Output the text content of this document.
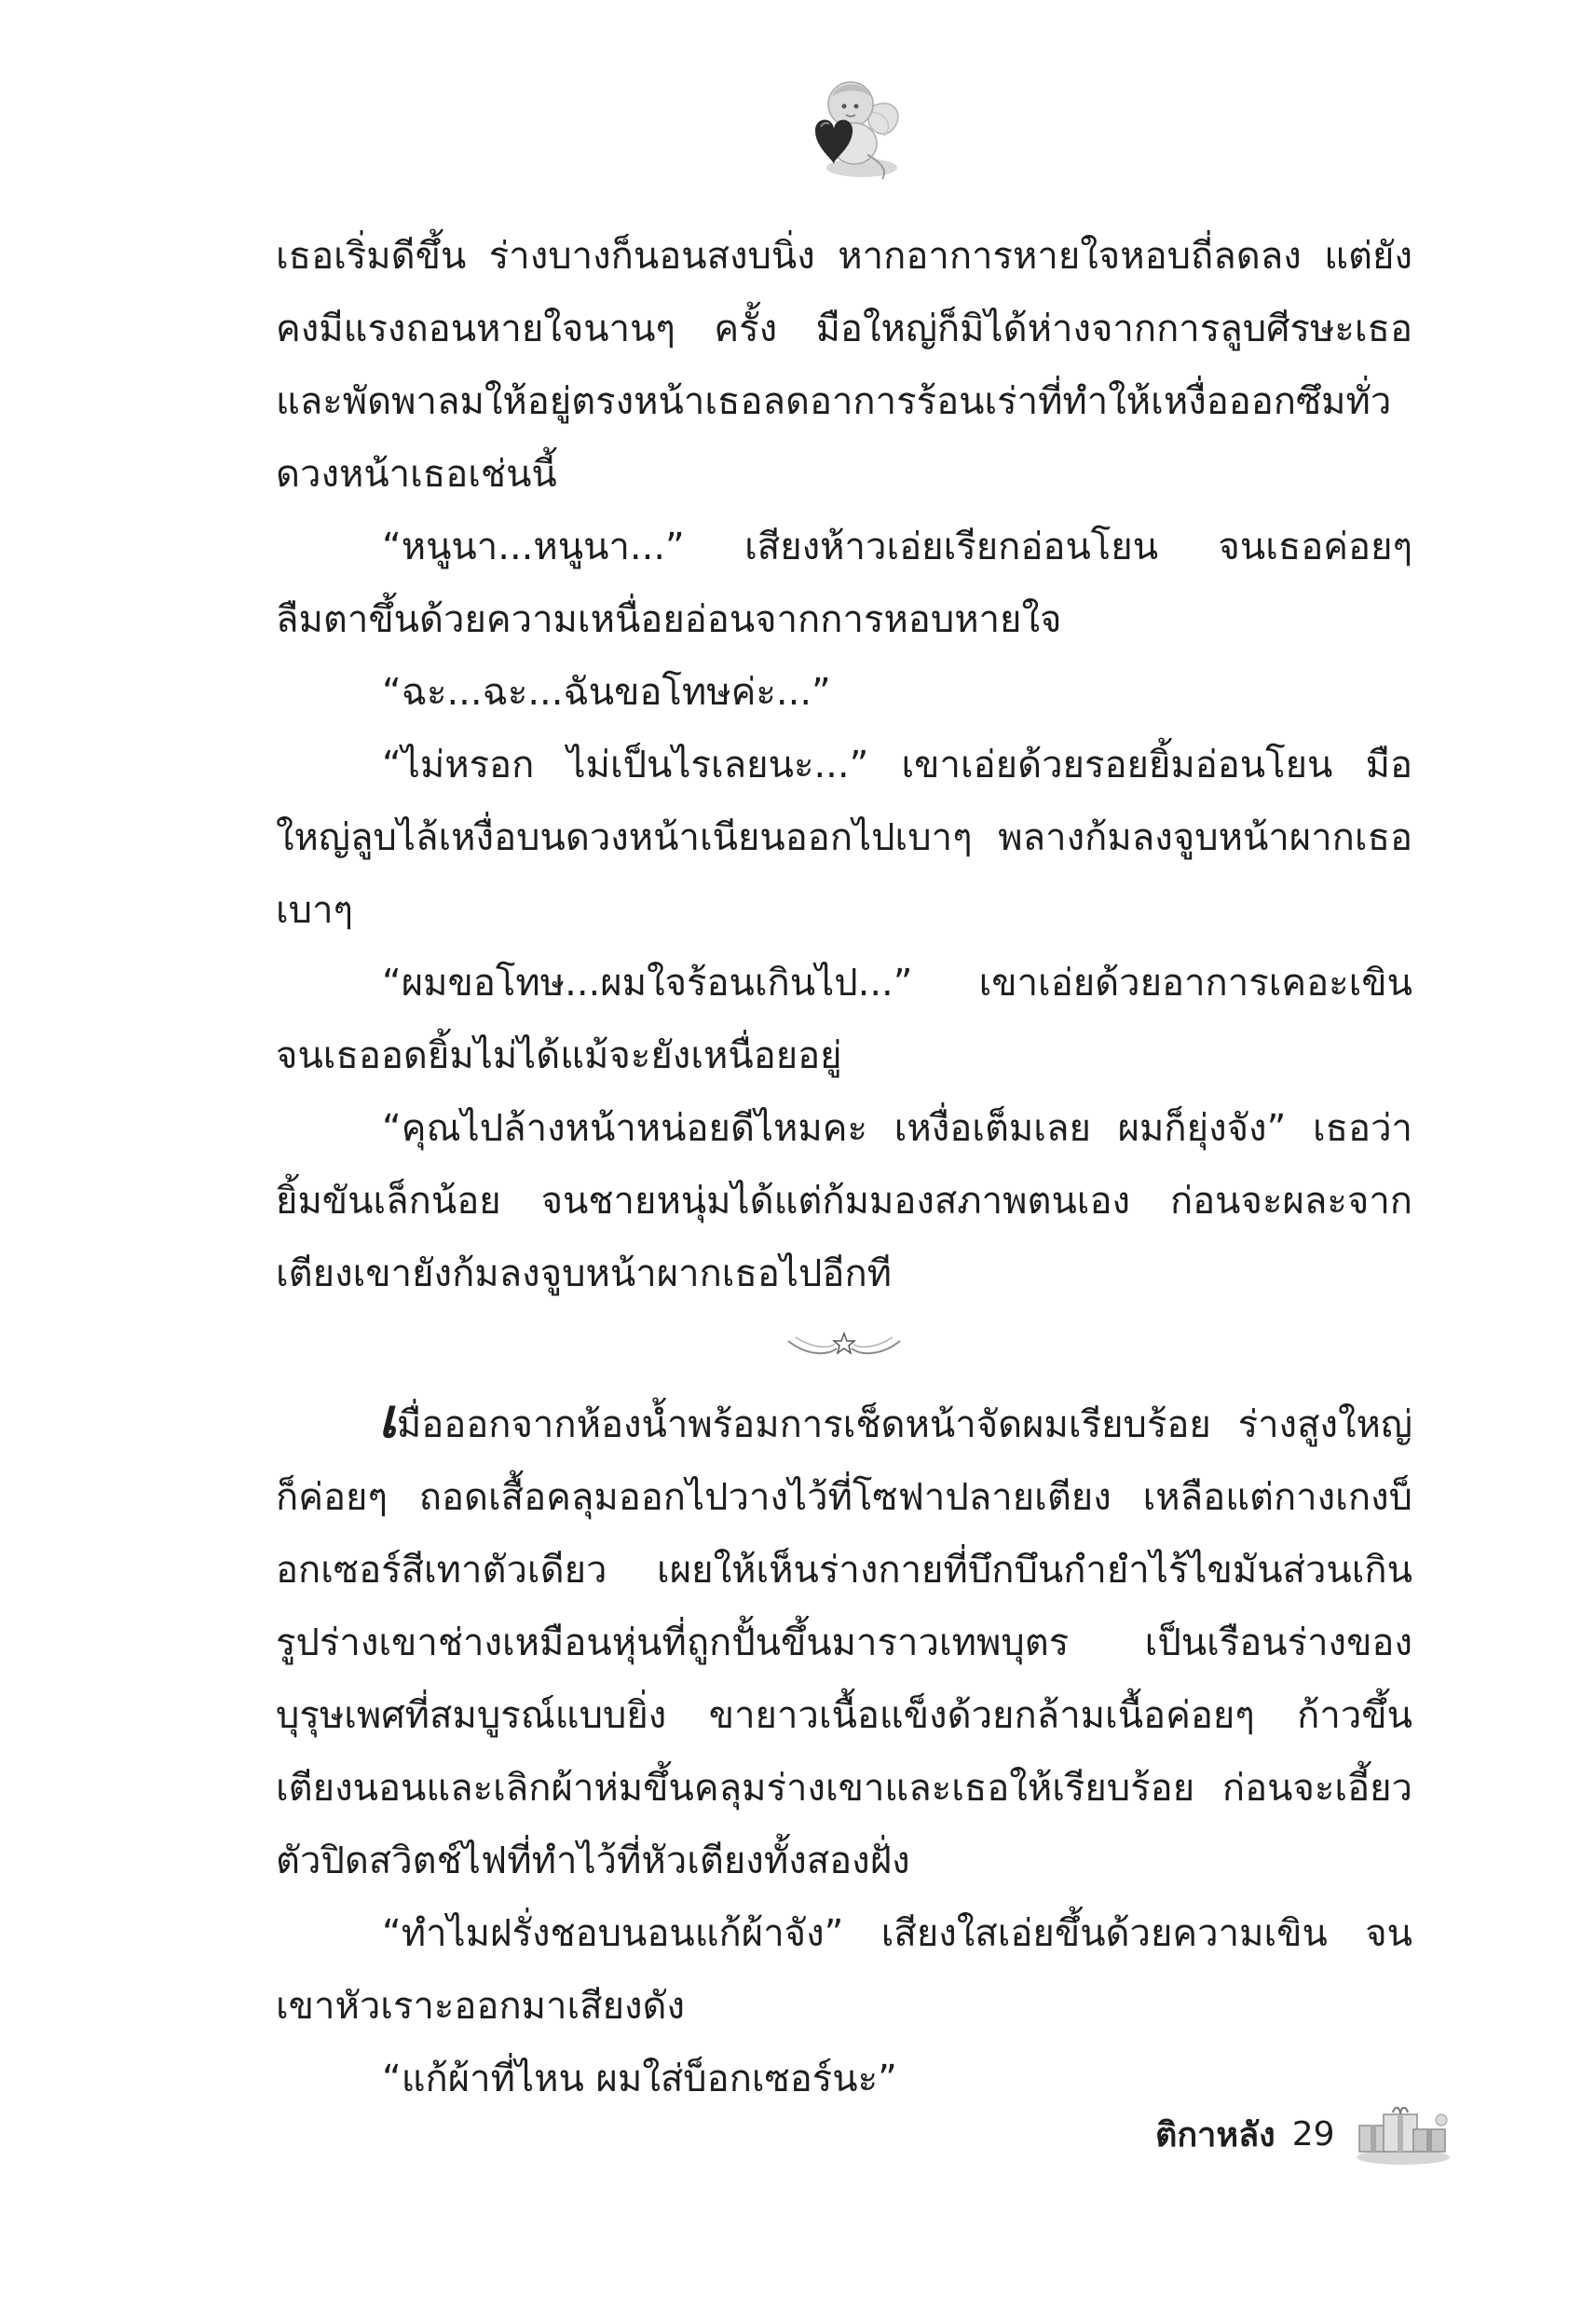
เธอเริ่มดีขึ้น ร่างบางก็นอนสงบนิ่ง หากอาการหายใจหอบถี่ลดลง แต่ยังคงมีแรงถอนหายใจนานๆ ครั้ง มือใหญ่ก็มิได้ห่างจากการลูบศีรษะเธอและพัดพาลมให้อยู่ตรงหน้าเธอลดอาการร้อนเร่าที่ทำให้เหงื่อออกซึมทั่วดวงหน้าเธอเช่นนี้

“หนูนา...หนูนา...” เสียงห้าวเอ่ยเรียกอ่อนโยน จนเธอค่อยๆ ลืมตาขึ้นด้วยความเหนื่อยอ่อนจากการหอบหายใจ

“ฉะ...ฉะ...ฉันขอโทษค่ะ...”

“ไม่หรอก ไม่เป็นไรเลยนะ...” เขาเอ่ยด้วยรอยยิ้มอ่อนโยน มือใหญ่ลูบไล้เหงื่อบนดวงหน้าเนียนออกไปเบาๆ พลางก้มลงจูบหน้าผากเธอเบาๆ

“ผมขอโทษ...ผมใจร้อนเกินไป...” เขาเอ่ยด้วยอาการเคอะเขิน จนเธออดยิ้มไม่ได้แม้จะยังเหนื่อยอยู่

“คุณไปล้างหน้าหน่อยดีไหมคะ เหงื่อเต็มเลย ผมก็ยุ่งจัง” เธอว่ายิ้มขันเล็กน้อย จนชายหนุ่มได้แต่ก้มมองสภาพตนเอง ก่อนจะผละจากเตียงเขายังก้มลงจูบหน้าผากเธอไปอีกที

เมื่อออกจากห้องน้ำพร้อมการเช็ดหน้าจัดผมเรียบร้อย ร่างสูงใหญ่ก็ค่อยๆ ถอดเสื้อคลุมออกไปวางไว้ที่โซฟาปลายเตียง เหลือแต่กางเกงบ็อกเซอร์สีเทาตัวเดียว เผยให้เห็นร่างกายที่บึกบึนกำยำไร้ไขมันส่วนเกิน รูปร่างเขาช่างเหมือนหุ่นที่ถูกปั้นขึ้นมาราวเทพบุตร เป็นเรือนร่างของบุรุษเพศที่สมบูรณ์แบบยิ่ง ขายาวเนื้อแข็งด้วยกล้ามเนื้อค่อยๆ ก้าวขึ้นเตียงนอนและเลิกผ้าห่มขึ้นคลุมร่างเขาและเธอให้เรียบร้อย ก่อนจะเอี้ยวตัวปิดสวิตช์ไฟที่ทำไว้ที่หัวเตียงทั้งสองฝั่ง

“ทำไมฝรั่งชอบนอนแก้ผ้าจัง” เสียงใสเอ่ยขึ้นด้วยความเขิน จนเขาหัวเราะออกมาเสียงดัง

“แก้ผ้าที่ไหน ผมใส่บ็อกเซอร์นะ”

ติกาหลัง 29
